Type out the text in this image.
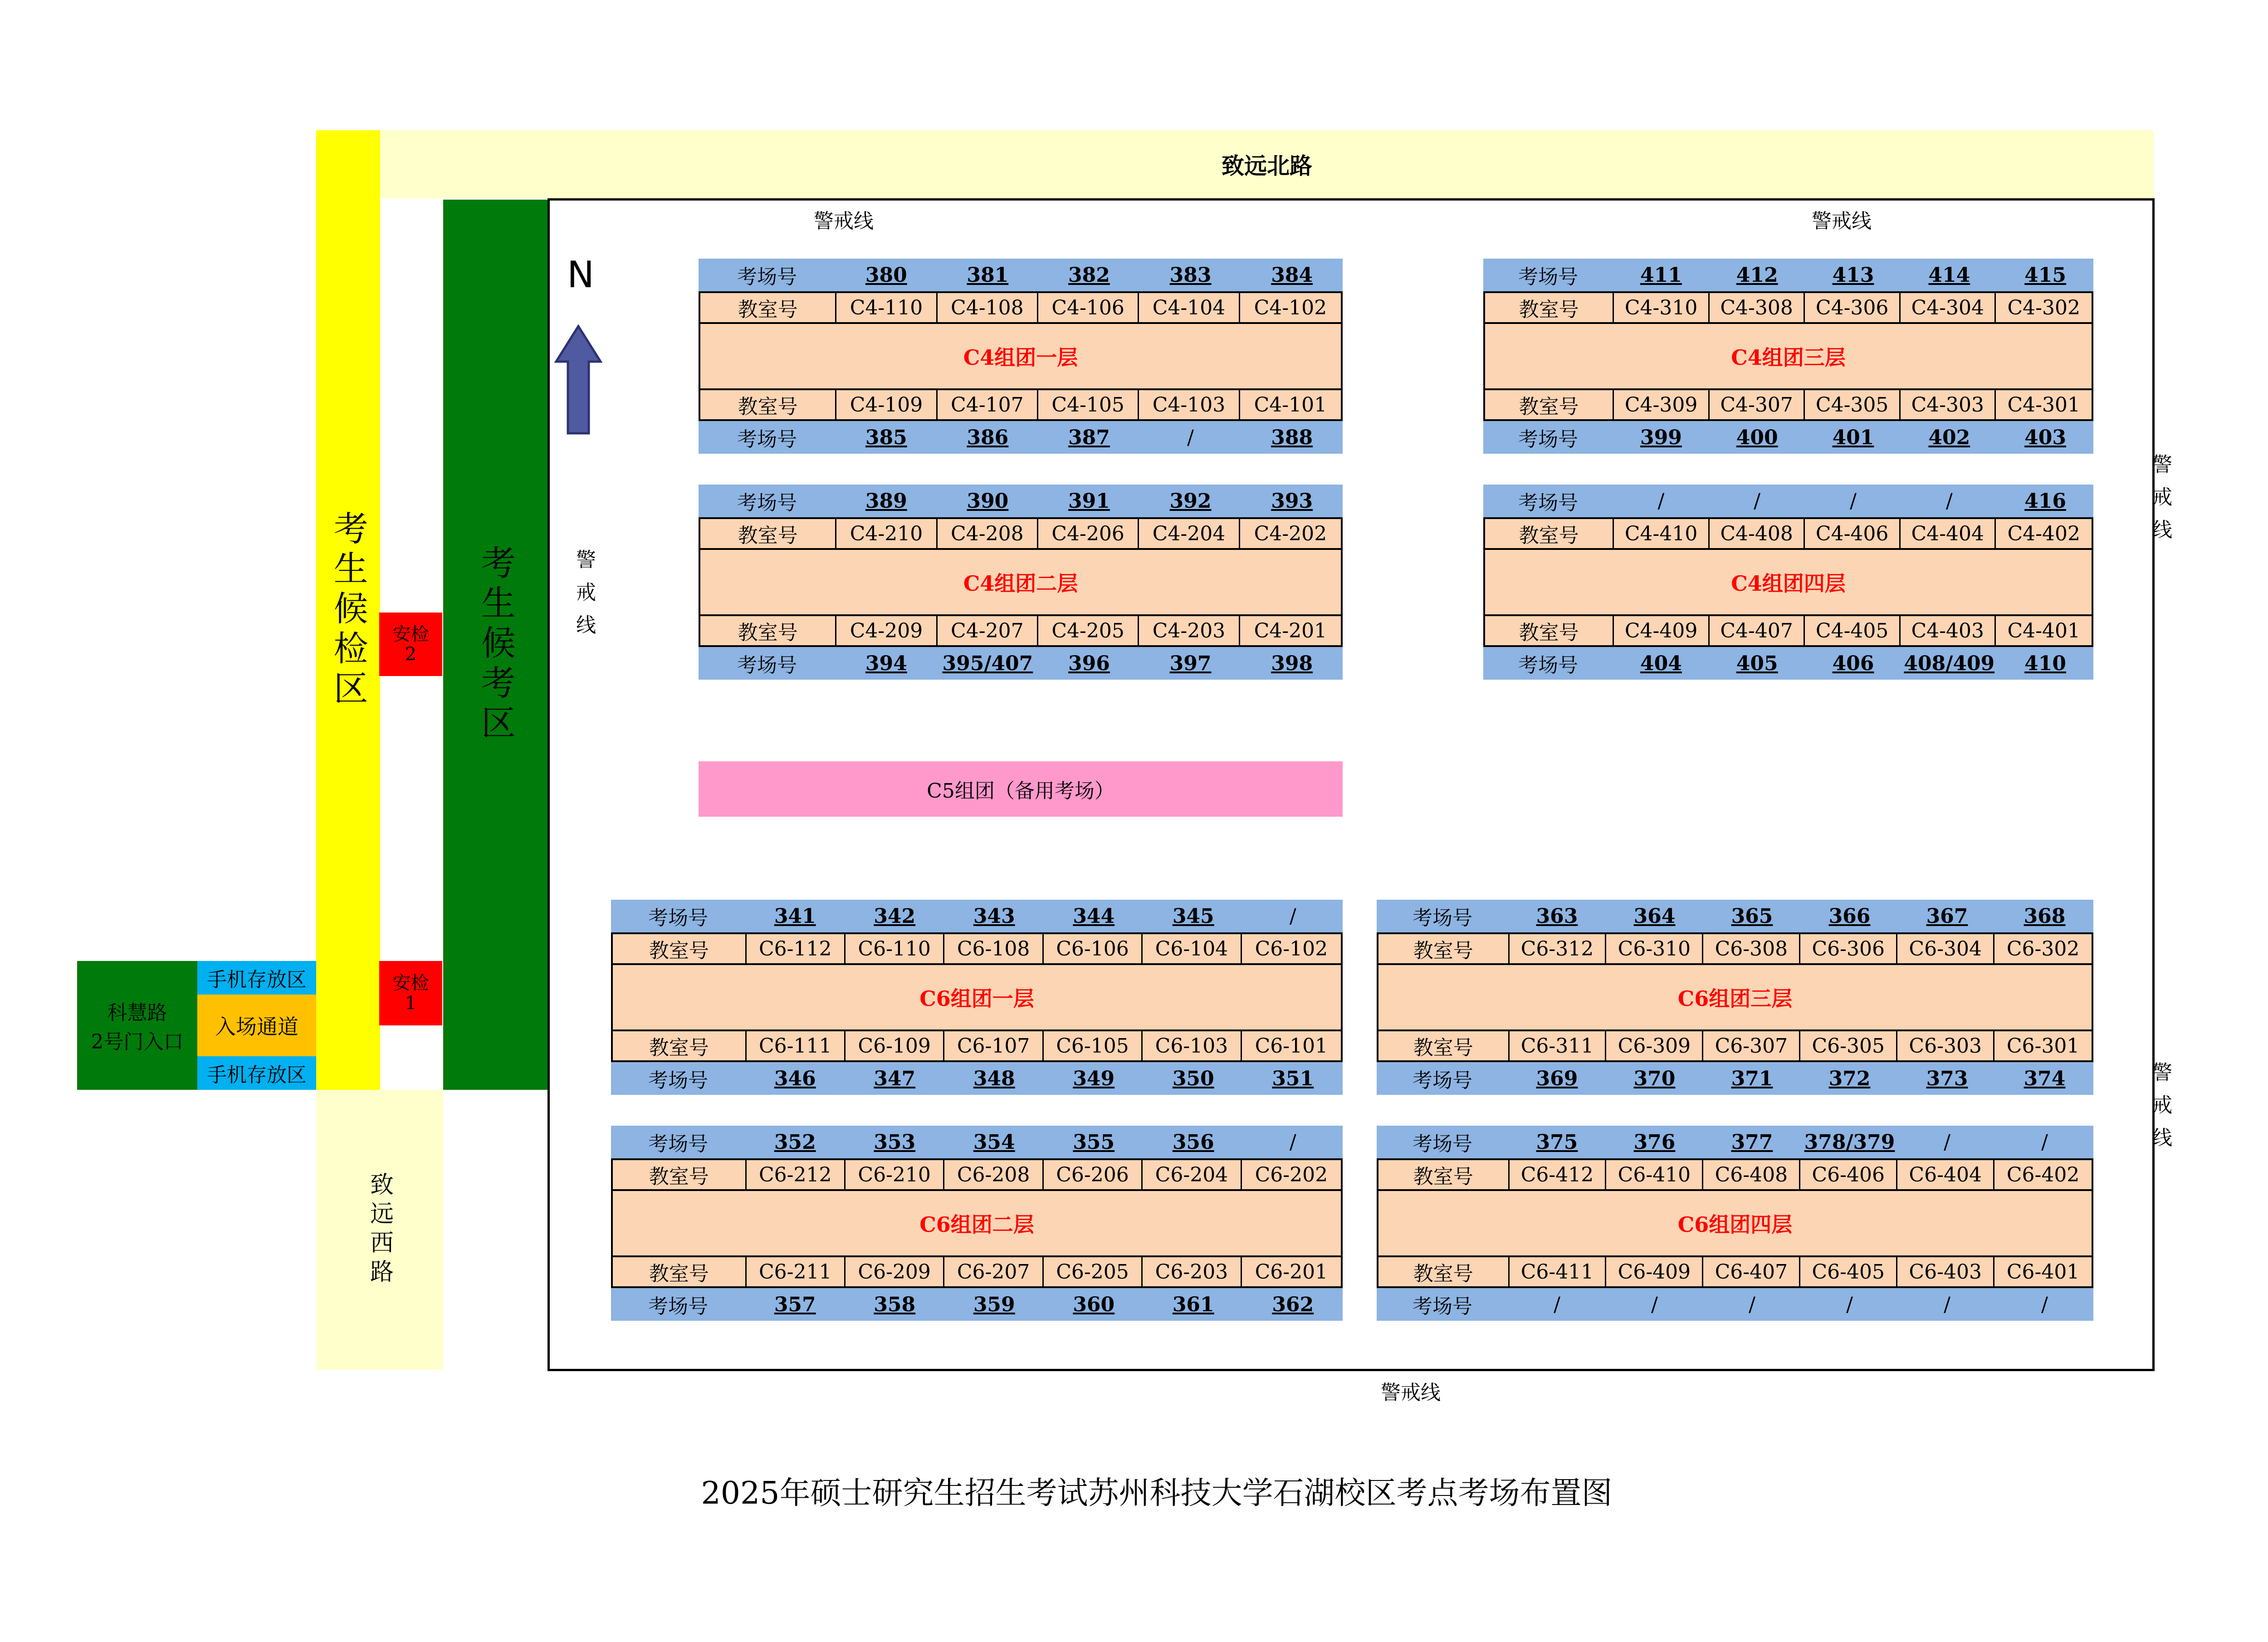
致远北路
考生候检区
致远西路
考生候考区
安检
2
安检
1
科慧路
2号门入口
手机存放区
入场通道
手机存放区
N
警戒线	警戒线
警戒线
警戒线
警戒线
警戒线
考场号	380	381	382	383	384
教室号	C4-110	C4-108	C4-106	C4-104	C4-102
C4组团一层
教室号	C4-109	C4-107	C4-105	C4-103	C4-101
考场号	385	386	387	/	388
考场号	389	390	391	392	393
教室号	C4-210	C4-208	C4-206	C4-204	C4-202
C4组团二层
教室号	C4-209	C4-207	C4-205	C4-203	C4-201
考场号	394	395/407	396	397	398
考场号	411	412	413	414	415
教室号	C4-310	C4-308	C4-306	C4-304	C4-302
C4组团三层
教室号	C4-309	C4-307	C4-305	C4-303	C4-301
考场号	399	400	401	402	403
考场号	/	/	/	/	416
教室号	C4-410	C4-408	C4-406	C4-404	C4-402
C4组团四层
教室号	C4-409	C4-407	C4-405	C4-403	C4-401
考场号	404	405	406	408/409	410
考场号	341	342	343	344	345	/
教室号	C6-112	C6-110	C6-108	C6-106	C6-104	C6-102
C6组团一层
教室号	C6-111	C6-109	C6-107	C6-105	C6-103	C6-101
考场号	346	347	348	349	350	351
考场号	352	353	354	355	356	/
教室号	C6-212	C6-210	C6-208	C6-206	C6-204	C6-202
C6组团二层
教室号	C6-211	C6-209	C6-207	C6-205	C6-203	C6-201
考场号	357	358	359	360	361	362
考场号	363	364	365	366	367	368
教室号	C6-312	C6-310	C6-308	C6-306	C6-304	C6-302
C6组团三层
教室号	C6-311	C6-309	C6-307	C6-305	C6-303	C6-301
考场号	369	370	371	372	373	374
考场号	375	376	377	378/379	/	/
教室号	C6-412	C6-410	C6-408	C6-406	C6-404	C6-402
C6组团四层
教室号	C6-411	C6-409	C6-407	C6-405	C6-403	C6-401
考场号	/	/	/	/	/	/
C5组团（备用考场）
2025年硕士研究生招生考试苏州科技大学石湖校区考点考场布置图
